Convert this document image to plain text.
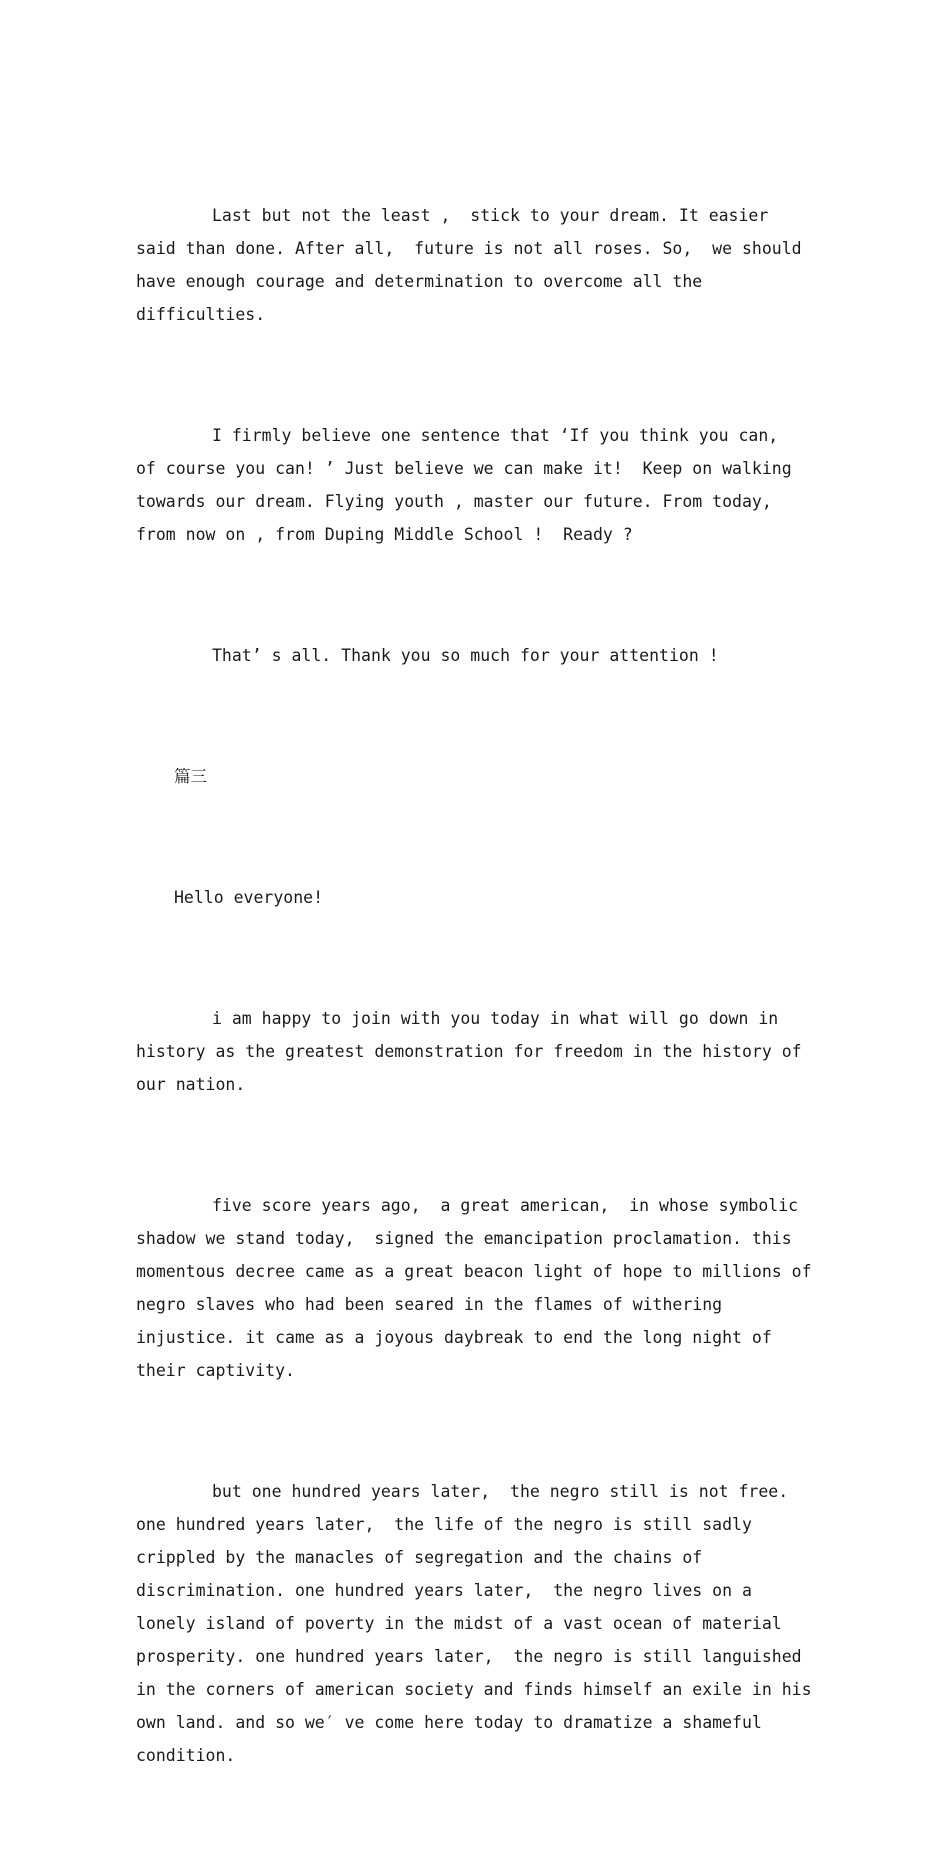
Last but not the least ,  stick to your dream. It easier said than done. After all,  future is not all roses. So,  we should have enough courage and determination to overcome all the difficulties.

I firmly believe one sentence that ‘If you think you can,  of course you can! ’ Just believe we can make it!  Keep on walking towards our dream. Flying youth , master our future. From today,  from now on , from Duping Middle School !  Ready ?

That’ s all. Thank you so much for your attention !

篇三

Hello everyone!

i am happy to join with you today in what will go down in history as the greatest demonstration for freedom in the history of our nation.

five score years ago,  a great american,  in whose symbolic shadow we stand today,  signed the emancipation proclamation. this momentous decree came as a great beacon light of hope to millions of negro slaves who had been seared in the flames of withering injustice. it came as a joyous daybreak to end the long night of their captivity.

but one hundred years later,  the negro still is not free. one hundred years later,  the life of the negro is still sadly crippled by the manacles of segregation and the chains of discrimination. one hundred years later,  the negro lives on a lonely island of poverty in the midst of a vast ocean of material prosperity. one hundred years later,  the negro is still languished in the corners of american society and finds himself an exile in his own land. and so we′ ve come here today to dramatize a shameful condition.
